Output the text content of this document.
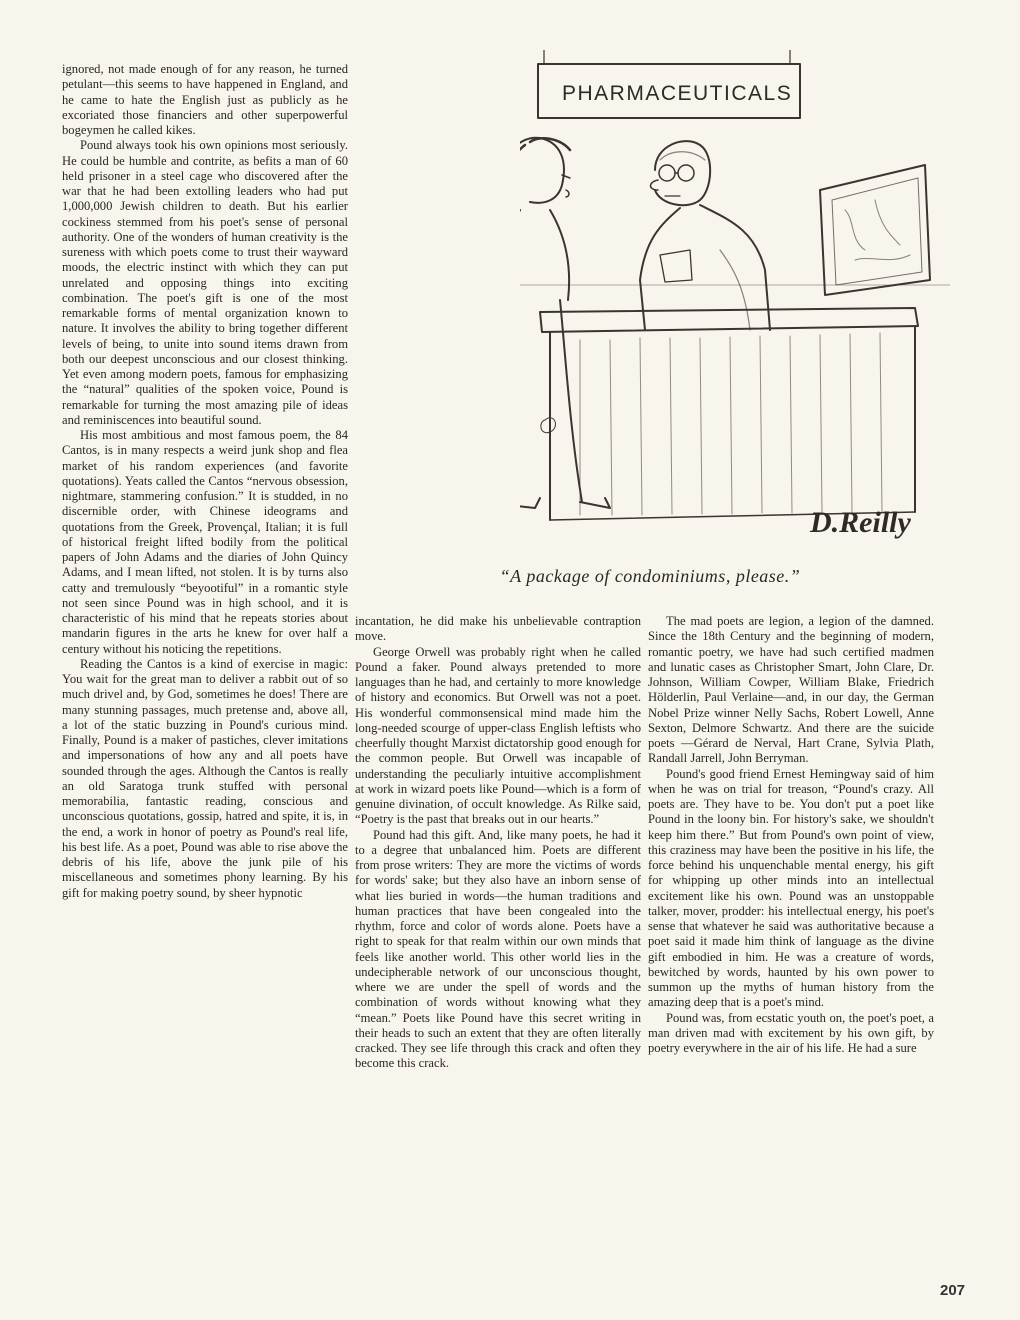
ignored, not made enough of for any reason, he turned petulant—this seems to have happened in England, and he came to hate the English just as publicly as he excoriated those financiers and other superpowerful bogeymen he called kikes.

Pound always took his own opinions most seriously. He could be humble and contrite, as befits a man of 60 held prisoner in a steel cage who discovered after the war that he had been extolling leaders who had put 1,000,000 Jewish children to death. But his earlier cockiness stemmed from his poet's sense of personal authority. One of the wonders of human creativity is the sureness with which poets come to trust their wayward moods, the electric instinct with which they can put unrelated and opposing things into exciting combination. The poet's gift is one of the most remarkable forms of mental organization known to nature. It involves the ability to bring together different levels of being, to unite into sound items drawn from both our deepest unconscious and our closest thinking. Yet even among modern poets, famous for emphasizing the “natural” qualities of the spoken voice, Pound is remarkable for turning the most amazing pile of ideas and reminiscences into beautiful sound.

His most ambitious and most famous poem, the 84 Cantos, is in many respects a weird junk shop and flea market of his random experiences (and favorite quotations). Yeats called the Cantos “nervous obsession, nightmare, stammering confusion.” It is studded, in no discernible order, with Chinese ideograms and quotations from the Greek, Provençal, Italian; it is full of historical freight lifted bodily from the political papers of John Adams and the diaries of John Quincy Adams, and I mean lifted, not stolen. It is by turns also catty and tremulously “beyootiful” in a romantic style not seen since Pound was in high school, and it is characteristic of his mind that he repeats stories about mandarin figures in the arts he knew for over half a century without his noticing the repetitions.

Reading the Cantos is a kind of exercise in magic: You wait for the great man to deliver a rabbit out of so much drivel and, by God, sometimes he does! There are many stunning passages, much pretense and, above all, a lot of the static buzzing in Pound's curious mind. Finally, Pound is a maker of pastiches, clever imitations and impersonations of how any and all poets have sounded through the ages. Although the Cantos is really an old Saratoga trunk stuffed with personal memorabilia, fantastic reading, conscious and unconscious quotations, gossip, hatred and spite, it is, in the end, a work in honor of poetry as Pound's real life, his best life. As a poet, Pound was able to rise above the debris of his life, above the junk pile of his miscellaneous and sometimes phony learning. By his gift for making poetry sound, by sheer hypnotic

PHARMACEUTICALS
D.Reilly
“A package of condominiums, please.”

incantation, he did make his unbelievable contraption move.

George Orwell was probably right when he called Pound a faker. Pound always pretended to more languages than he had, and certainly to more knowledge of history and economics. But Orwell was not a poet. His wonderful commonsensical mind made him the long-needed scourge of upper-class English leftists who cheerfully thought Marxist dictatorship good enough for the common people. But Orwell was incapable of understanding the peculiarly intuitive accomplishment at work in wizard poets like Pound—which is a form of genuine divination, of occult knowledge. As Rilke said, “Poetry is the past that breaks out in our hearts.”

Pound had this gift. And, like many poets, he had it to a degree that unbalanced him. Poets are different from prose writers: They are more the victims of words for words' sake; but they also have an inborn sense of what lies buried in words—the human traditions and human practices that have been congealed into the rhythm, force and color of words alone. Poets have a right to speak for that realm within our own minds that feels like another world. This other world lies in the undecipherable network of our unconscious thought, where we are under the spell of words and the combination of words without knowing what they “mean.” Poets like Pound have this secret writing in their heads to such an extent that they are often literally cracked. They see life through this crack and often they become this crack.

The mad poets are legion, a legion of the damned. Since the 18th Century and the beginning of modern, romantic poetry, we have had such certified madmen and lunatic cases as Christopher Smart, John Clare, Dr. Johnson, William Cowper, William Blake, Friedrich Hölderlin, Paul Verlaine—and, in our day, the German Nobel Prize winner Nelly Sachs, Robert Lowell, Anne Sexton, Delmore Schwartz. And there are the suicide poets —Gérard de Nerval, Hart Crane, Sylvia Plath, Randall Jarrell, John Berryman.

Pound's good friend Ernest Hemingway said of him when he was on trial for treason, “Pound's crazy. All poets are. They have to be. You don't put a poet like Pound in the loony bin. For history's sake, we shouldn't keep him there.” But from Pound's own point of view, this craziness may have been the positive in his life, the force behind his unquenchable mental energy, his gift for whipping up other minds into an intellectual excitement like his own. Pound was an unstoppable talker, mover, prodder: his intellectual energy, his poet's sense that whatever he said was authoritative because a poet said it made him think of language as the divine gift embodied in him. He was a creature of words, bewitched by words, haunted by his own power to summon up the myths of human history from the amazing deep that is a poet's mind.

Pound was, from ecstatic youth on, the poet's poet, a man driven mad with excitement by his own gift, by poetry everywhere in the air of his life. He had a sure

207
